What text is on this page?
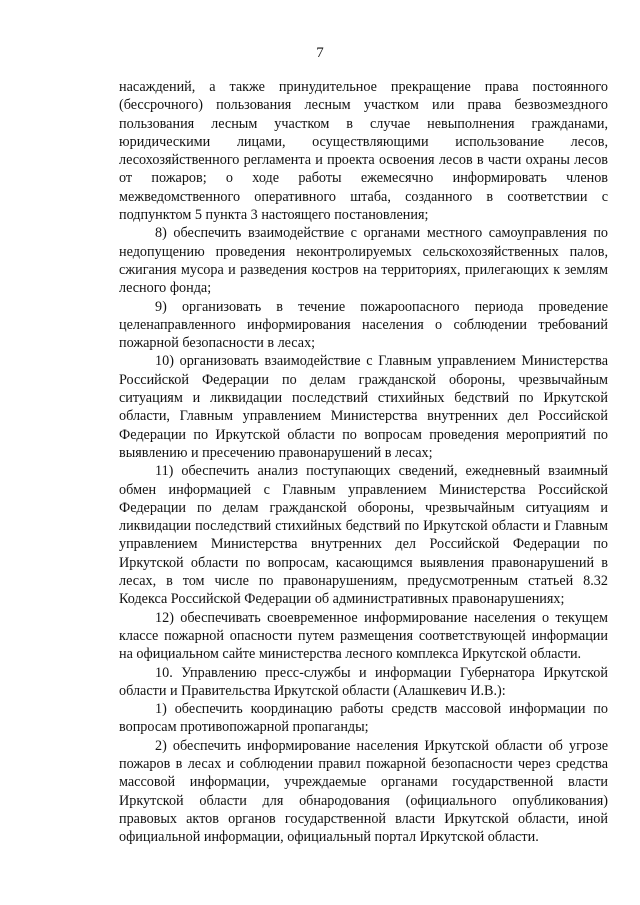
7

насаждений, а также принудительное прекращение права постоянного (бессрочного) пользования лесным участком или права безвозмездного пользования лесным участком в случае невыполнения гражданами, юридическими лицами, осуществляющими использование лесов, лесохозяйственного регламента и проекта освоения лесов в части охраны лесов от пожаров; о ходе работы ежемесячно информировать членов межведомственного оперативного штаба, созданного в соответствии с подпунктом 5 пункта 3 настоящего постановления;

8) обеспечить взаимодействие с органами местного самоуправления по недопущению проведения неконтролируемых сельскохозяйственных палов, сжигания мусора и разведения костров на территориях, прилегающих к землям лесного фонда;

9) организовать в течение пожароопасного периода проведение целенаправленного информирования населения о соблюдении требований пожарной безопасности в лесах;

10) организовать взаимодействие с Главным управлением Министерства Российской Федерации по делам гражданской обороны, чрезвычайным ситуациям и ликвидации последствий стихийных бедствий по Иркутской области, Главным управлением Министерства внутренних дел Российской Федерации по Иркутской области по вопросам проведения мероприятий по выявлению и пресечению правонарушений в лесах;

11) обеспечить анализ поступающих сведений, ежедневный взаимный обмен информацией с Главным управлением Министерства Российской Федерации по делам гражданской обороны, чрезвычайным ситуациям и ликвидации последствий стихийных бедствий по Иркутской области и Главным управлением Министерства внутренних дел Российской Федерации по Иркутской области по вопросам, касающимся выявления правонарушений в лесах, в том числе по правонарушениям, предусмотренным статьей 8.32 Кодекса Российской Федерации об административных правонарушениях;

12) обеспечивать своевременное информирование населения о текущем классе пожарной опасности путем размещения соответствующей информации на официальном сайте министерства лесного комплекса Иркутской области.

10. Управлению пресс-службы и информации Губернатора Иркутской области и Правительства Иркутской области (Алашкевич И.В.):

1) обеспечить координацию работы средств массовой информации по вопросам противопожарной пропаганды;

2) обеспечить информирование населения Иркутской области об угрозе пожаров в лесах и соблюдении правил пожарной безопасности через средства массовой информации, учреждаемые органами государственной власти Иркутской области для обнародования (официального опубликования) правовых актов органов государственной власти Иркутской области, иной официальной информации, официальный портал Иркутской области.
